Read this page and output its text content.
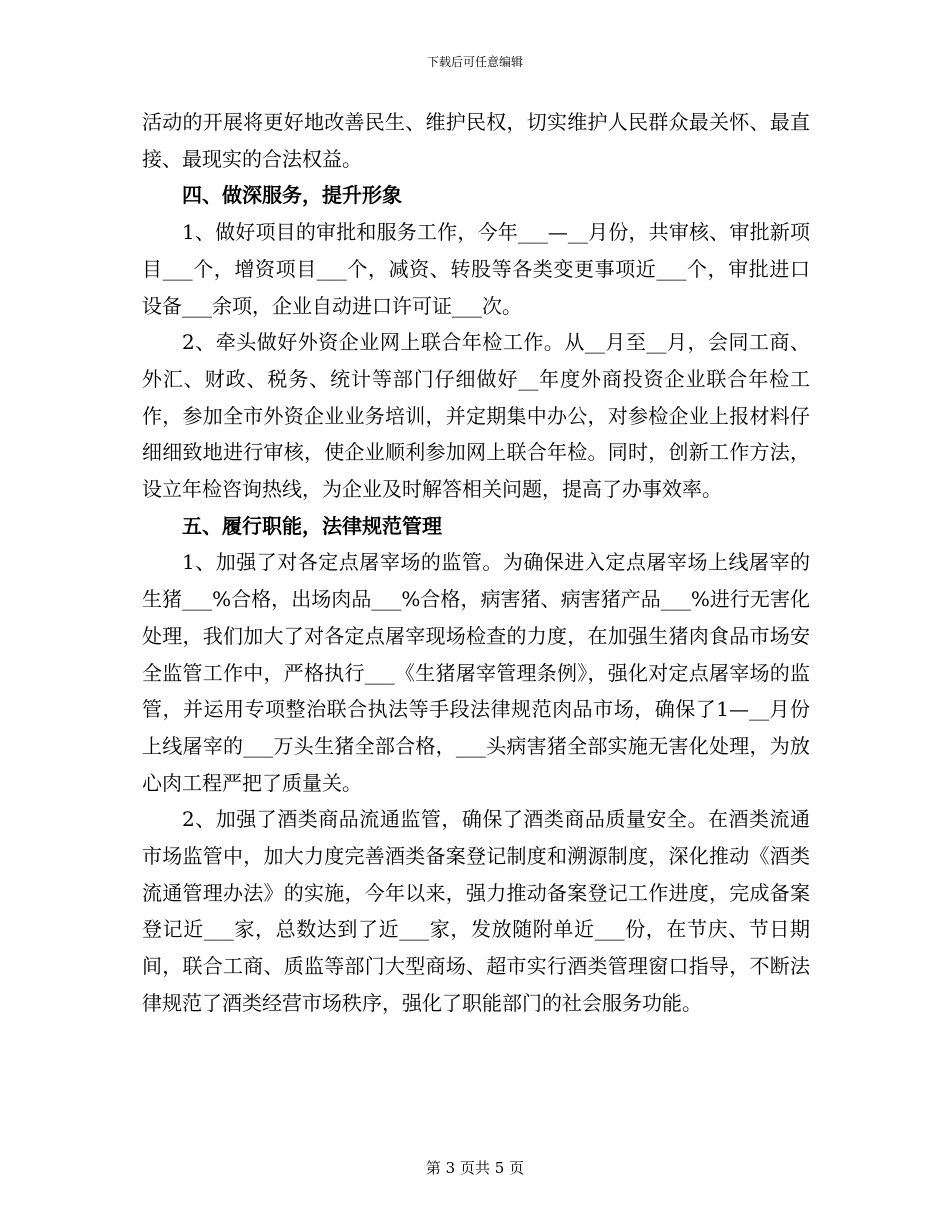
下载后可任意编辑

活动的开展将更好地改善民生、维护民权，切实维护人民群众最关怀、最直接、最现实的合法权益。

四、做深服务，提升形象

1、做好项目的审批和服务工作，今年___—__月份，共审核、审批新项目___个，增资项目___个，减资、转股等各类变更事项近___个，审批进口设备___余项，企业自动进口许可证___次。

2、牵头做好外资企业网上联合年检工作。从__月至__月，会同工商、外汇、财政、税务、统计等部门仔细做好__年度外商投资企业联合年检工作，参加全市外资企业业务培训，并定期集中办公，对参检企业上报材料仔细细致地进行审核，使企业顺利参加网上联合年检。同时，创新工作方法，设立年检咨询热线，为企业及时解答相关问题，提高了办事效率。

五、履行职能，法律规范管理

1、加强了对各定点屠宰场的监管。为确保进入定点屠宰场上线屠宰的生猪___%合格，出场肉品___%合格，病害猪、病害猪产品___%进行无害化处理，我们加大了对各定点屠宰现场检查的力度，在加强生猪肉食品市场安全监管工作中，严格执行___《生猪屠宰管理条例》，强化对定点屠宰场的监管，并运用专项整治联合执法等手段法律规范肉品市场，确保了1—__月份上线屠宰的___万头生猪全部合格，___头病害猪全部实施无害化处理，为放心肉工程严把了质量关。

2、加强了酒类商品流通监管，确保了酒类商品质量安全。在酒类流通市场监管中，加大力度完善酒类备案登记制度和溯源制度，深化推动《酒类流通管理办法》的实施，今年以来，强力推动备案登记工作进度，完成备案登记近___家，总数达到了近___家，发放随附单近___份，在节庆、节日期间，联合工商、质监等部门大型商场、超市实行酒类管理窗口指导，不断法律规范了酒类经营市场秩序，强化了职能部门的社会服务功能。

第 3 页共 5 页
